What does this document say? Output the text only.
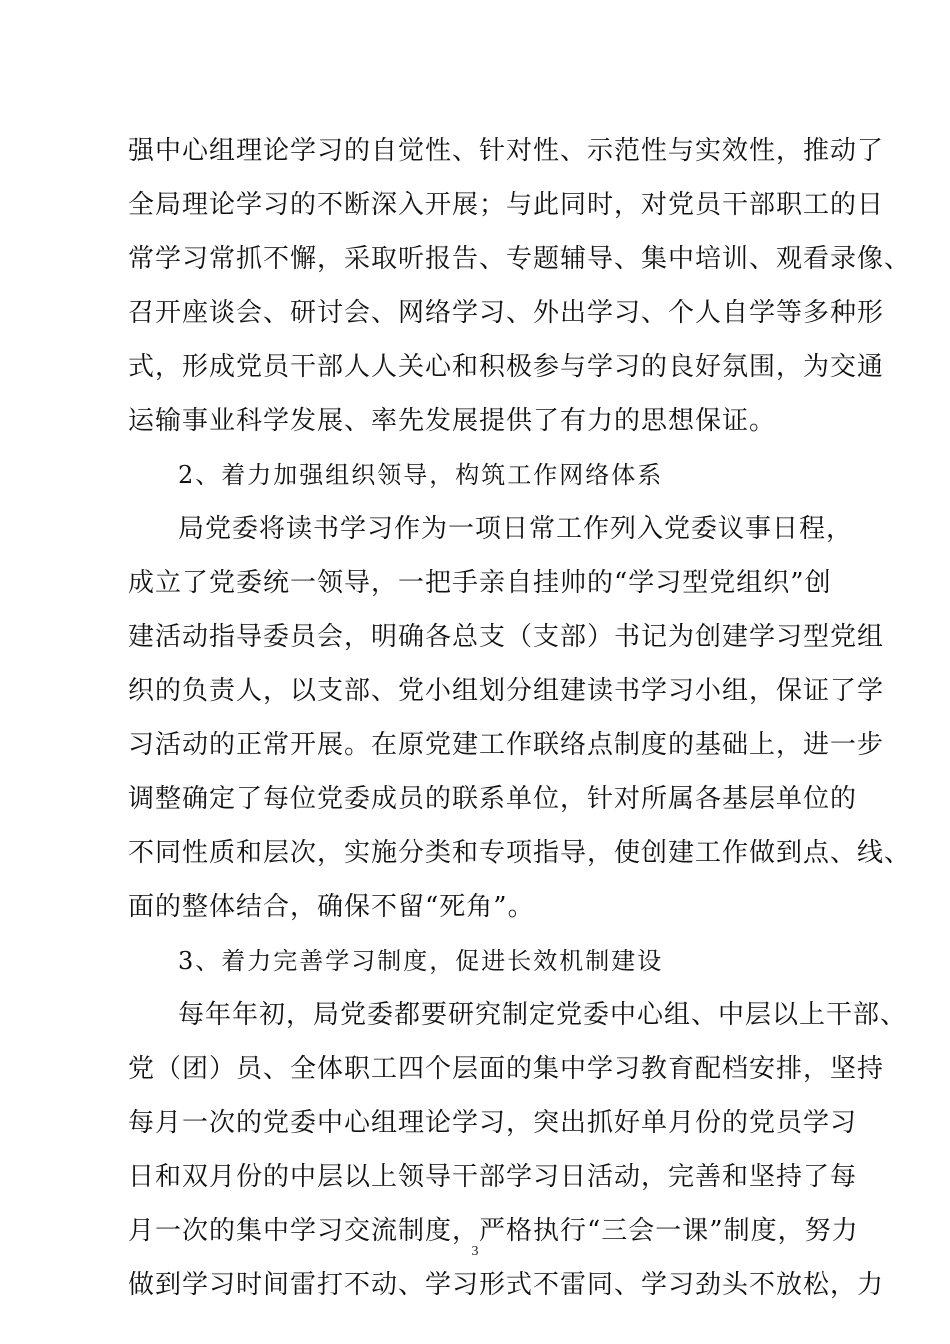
强中心组理论学习的自觉性、针对性、示范性与实效性，推动了
全局理论学习的不断深入开展；与此同时，对党员干部职工的日
常学习常抓不懈，采取听报告、专题辅导、集中培训、观看录像、
召开座谈会、研讨会、网络学习、外出学习、个人自学等多种形
式，形成党员干部人人关心和积极参与学习的良好氛围，为交通
运输事业科学发展、率先发展提供了有力的思想保证。
2、着力加强组织领导，构筑工作网络体系
局党委将读书学习作为一项日常工作列入党委议事日程，
成立了党委统一领导，一把手亲自挂帅的“学习型党组织”创
建活动指导委员会，明确各总支（支部）书记为创建学习型党组
织的负责人，以支部、党小组划分组建读书学习小组，保证了学
习活动的正常开展。在原党建工作联络点制度的基础上，进一步
调整确定了每位党委成员的联系单位，针对所属各基层单位的
不同性质和层次，实施分类和专项指导，使创建工作做到点、线、
面的整体结合，确保不留“死角”。
3、着力完善学习制度，促进长效机制建设
每年年初，局党委都要研究制定党委中心组、中层以上干部、
党（团）员、全体职工四个层面的集中学习教育配档安排，坚持
每月一次的党委中心组理论学习，突出抓好单月份的党员学习
日和双月份的中层以上领导干部学习日活动，完善和坚持了每
月一次的集中学习交流制度，严格执行“三会一课”制度，努力
做到学习时间雷打不动、学习形式不雷同、学习劲头不放松，力
3
